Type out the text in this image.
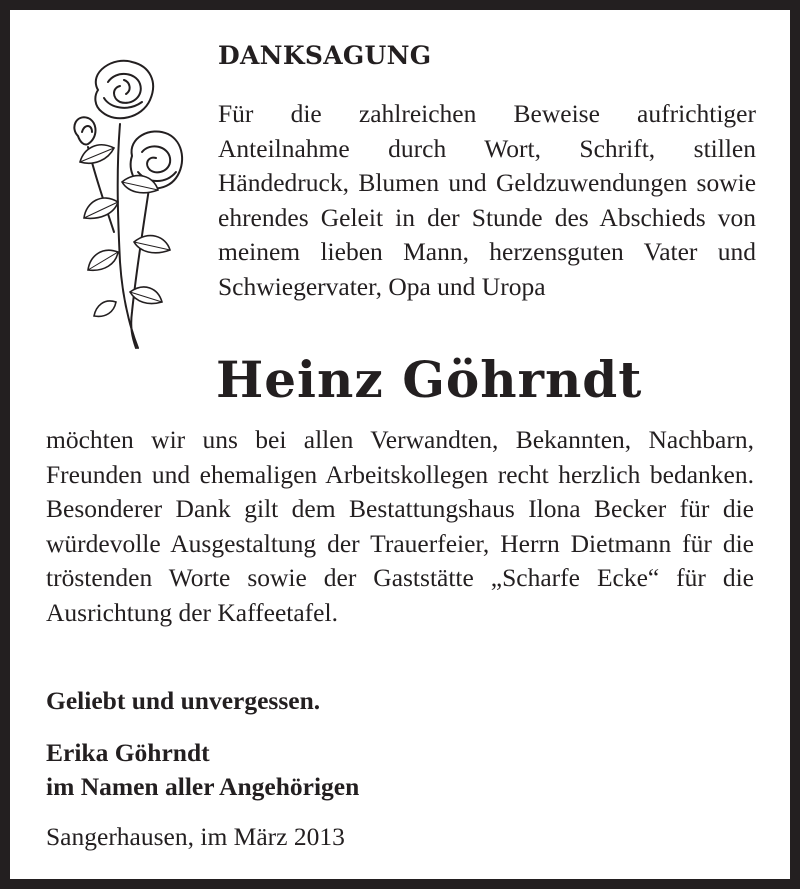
DANKSAGUNG

Für die zahlreichen Beweise aufrichtiger Anteilnahme durch Wort, Schrift, stillen Händedruck, Blumen und Geldzuwendungen sowie ehrendes Geleit in der Stunde des Abschieds von meinem lieben Mann, herzensguten Vater und Schwiegervater, Opa und Uropa

Heinz Göhrndt

möchten wir uns bei allen Verwandten, Bekannten, Nachbarn, Freunden und ehemaligen Arbeitskollegen recht herzlich bedanken. Besonderer Dank gilt dem Bestattungshaus Ilona Becker für die würdevolle Ausgestaltung der Trauerfeier, Herrn Dietmann für die tröstenden Worte sowie der Gaststätte „Scharfe Ecke“ für die Ausrichtung der Kaffeetafel.

Geliebt und unvergessen.
Erika Göhrndt
im Namen aller Angehörigen
Sangerhausen, im März 2013
